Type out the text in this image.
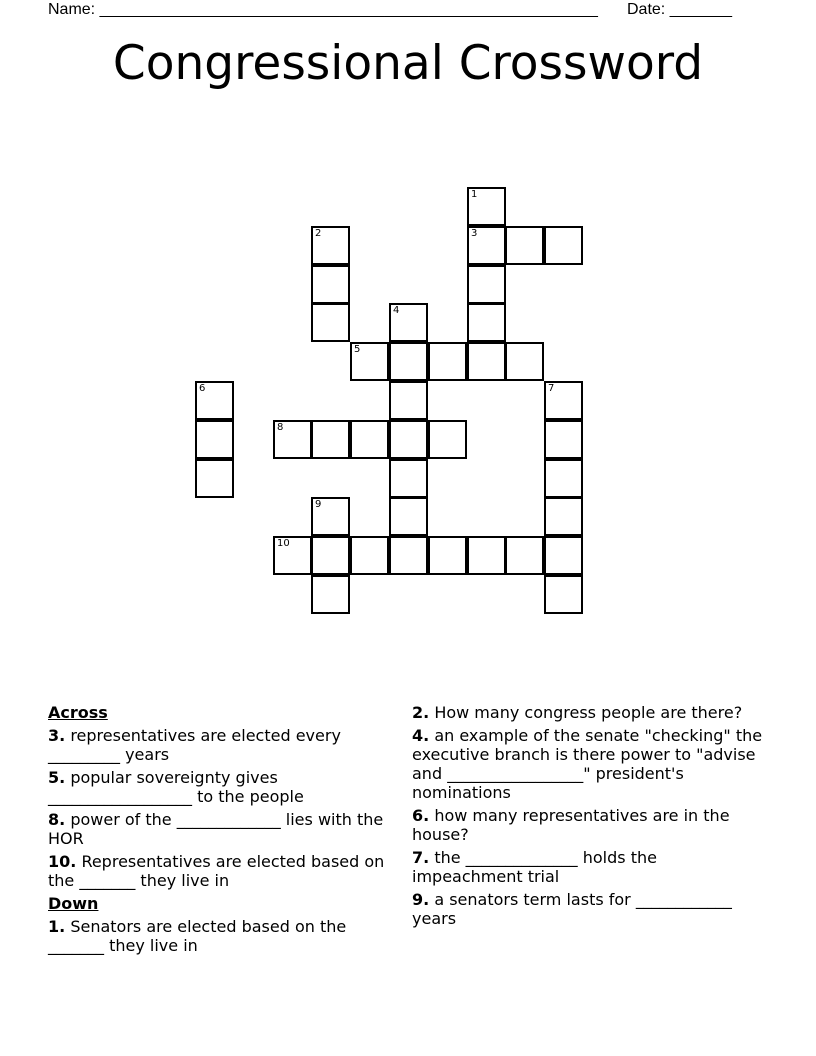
Name: ________________________________________________________ Date: _______
Congressional Crossword
1
2	3
4
5
6	7
8
9
10
Across
3. representatives are elected every _________ years
5. popular sovereignty gives __________________ to the people
8. power of the _____________ lies with the HOR
10. Representatives are elected based on the _______ they live in
Down
1. Senators are elected based on the _______ they live in
2. How many congress people are there?
4. an example of the senate "checking" the executive branch is there power to "advise and _________________" president's nominations
6. how many representatives are in the house?
7. the ______________ holds the impeachment trial
9. a senators term lasts for ____________ years
